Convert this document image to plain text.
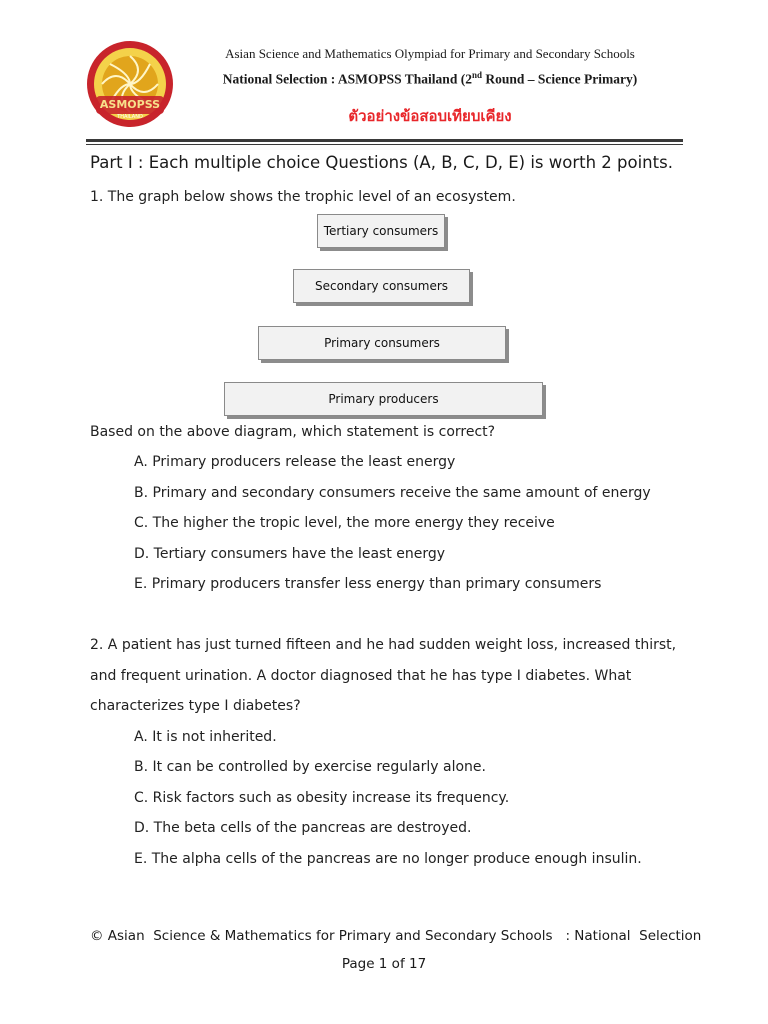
ASMOPSS
THAILAND
Asian Science and Mathematics Olympiad for Primary and Secondary Schools
National Selection : ASMOPSS Thailand (2nd Round – Science Primary)
ตัวอย่างข้อสอบเทียบเคียง
Part I : Each multiple choice Questions (A, B, C, D, E) is worth 2 points.
1. The graph below shows the trophic level of an ecosystem.
Tertiary consumers
Secondary consumers
Primary consumers
Primary producers
Based on the above diagram, which statement is correct?
A. Primary producers release the least energy
B. Primary and secondary consumers receive the same amount of energy
C. The higher the tropic level, the more energy they receive
D. Tertiary consumers have the least energy
E. Primary producers transfer less energy than primary consumers
2. A patient has just turned fifteen and he had sudden weight loss, increased thirst,
and frequent urination. A doctor diagnosed that he has type I diabetes. What
characterizes type I diabetes?
A. It is not inherited.
B. It can be controlled by exercise regularly alone.
C. Risk factors such as obesity increase its frequency.
D. The beta cells of the pancreas are destroyed.
E. The alpha cells of the pancreas are no longer produce enough insulin.
© Asian  Science & Mathematics for Primary and Secondary Schools   : National  Selection
Page 1 of 17
